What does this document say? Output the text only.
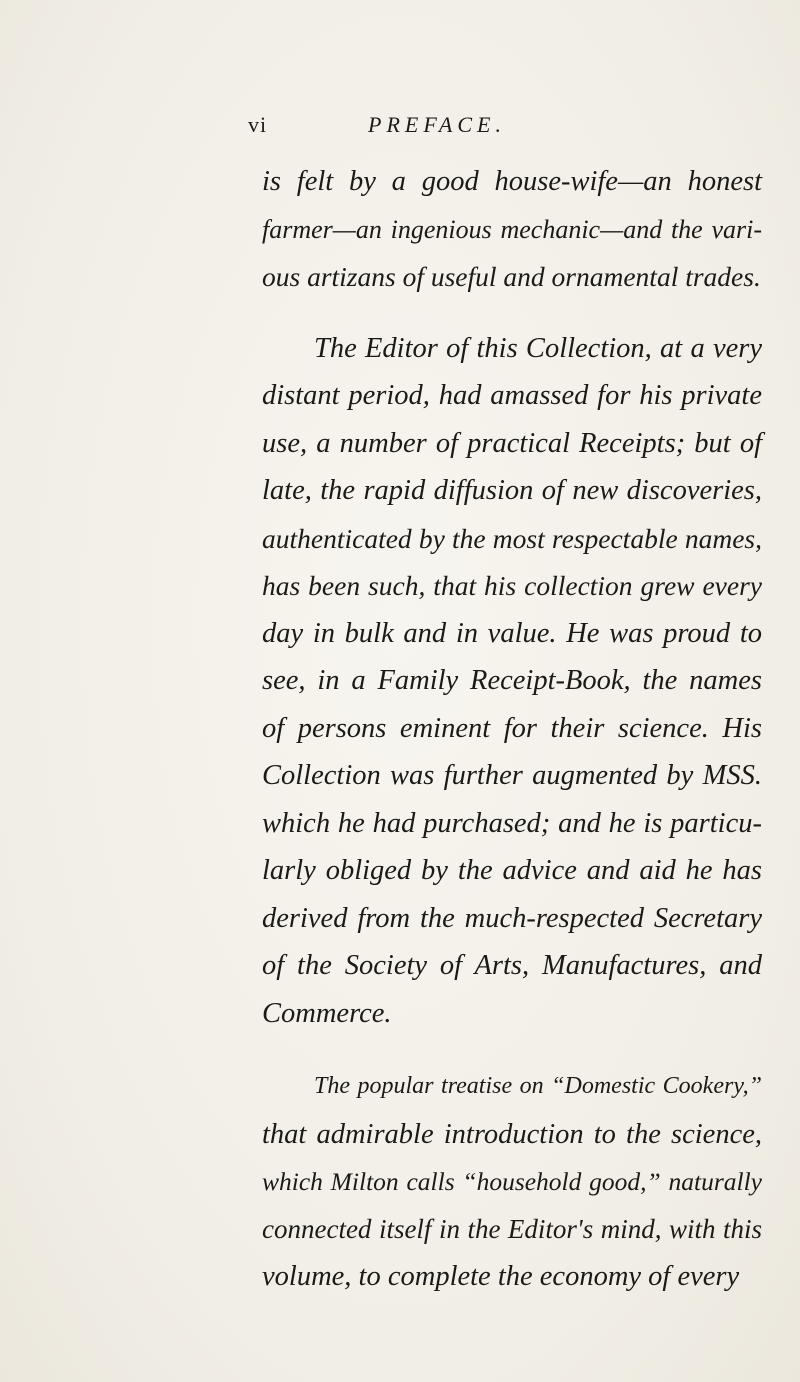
vi	PREFACE.
is felt by a good house-wife—an honest
farmer—an ingenious mechanic—and the vari-
ous artizans of useful and ornamental trades.
The Editor of this Collection, at a very
distant period, had amassed for his private
use, a number of practical Receipts; but of
late, the rapid diffusion of new discoveries,
authenticated by the most respectable names,
has been such, that his collection grew every
day in bulk and in value. He was proud to
see, in a Family Receipt-Book, the names
of persons eminent for their science. His
Collection was further augmented by MSS.
which he had purchased; and he is particu-
larly obliged by the advice and aid he has
derived from the much-respected Secretary
of the Society of Arts, Manufactures, and
Commerce.
The popular treatise on “Domestic Cookery,”
that admirable introduction to the science,
which Milton calls “household good,” naturally
connected itself in the Editor's mind, with this
volume, to complete the economy of every
